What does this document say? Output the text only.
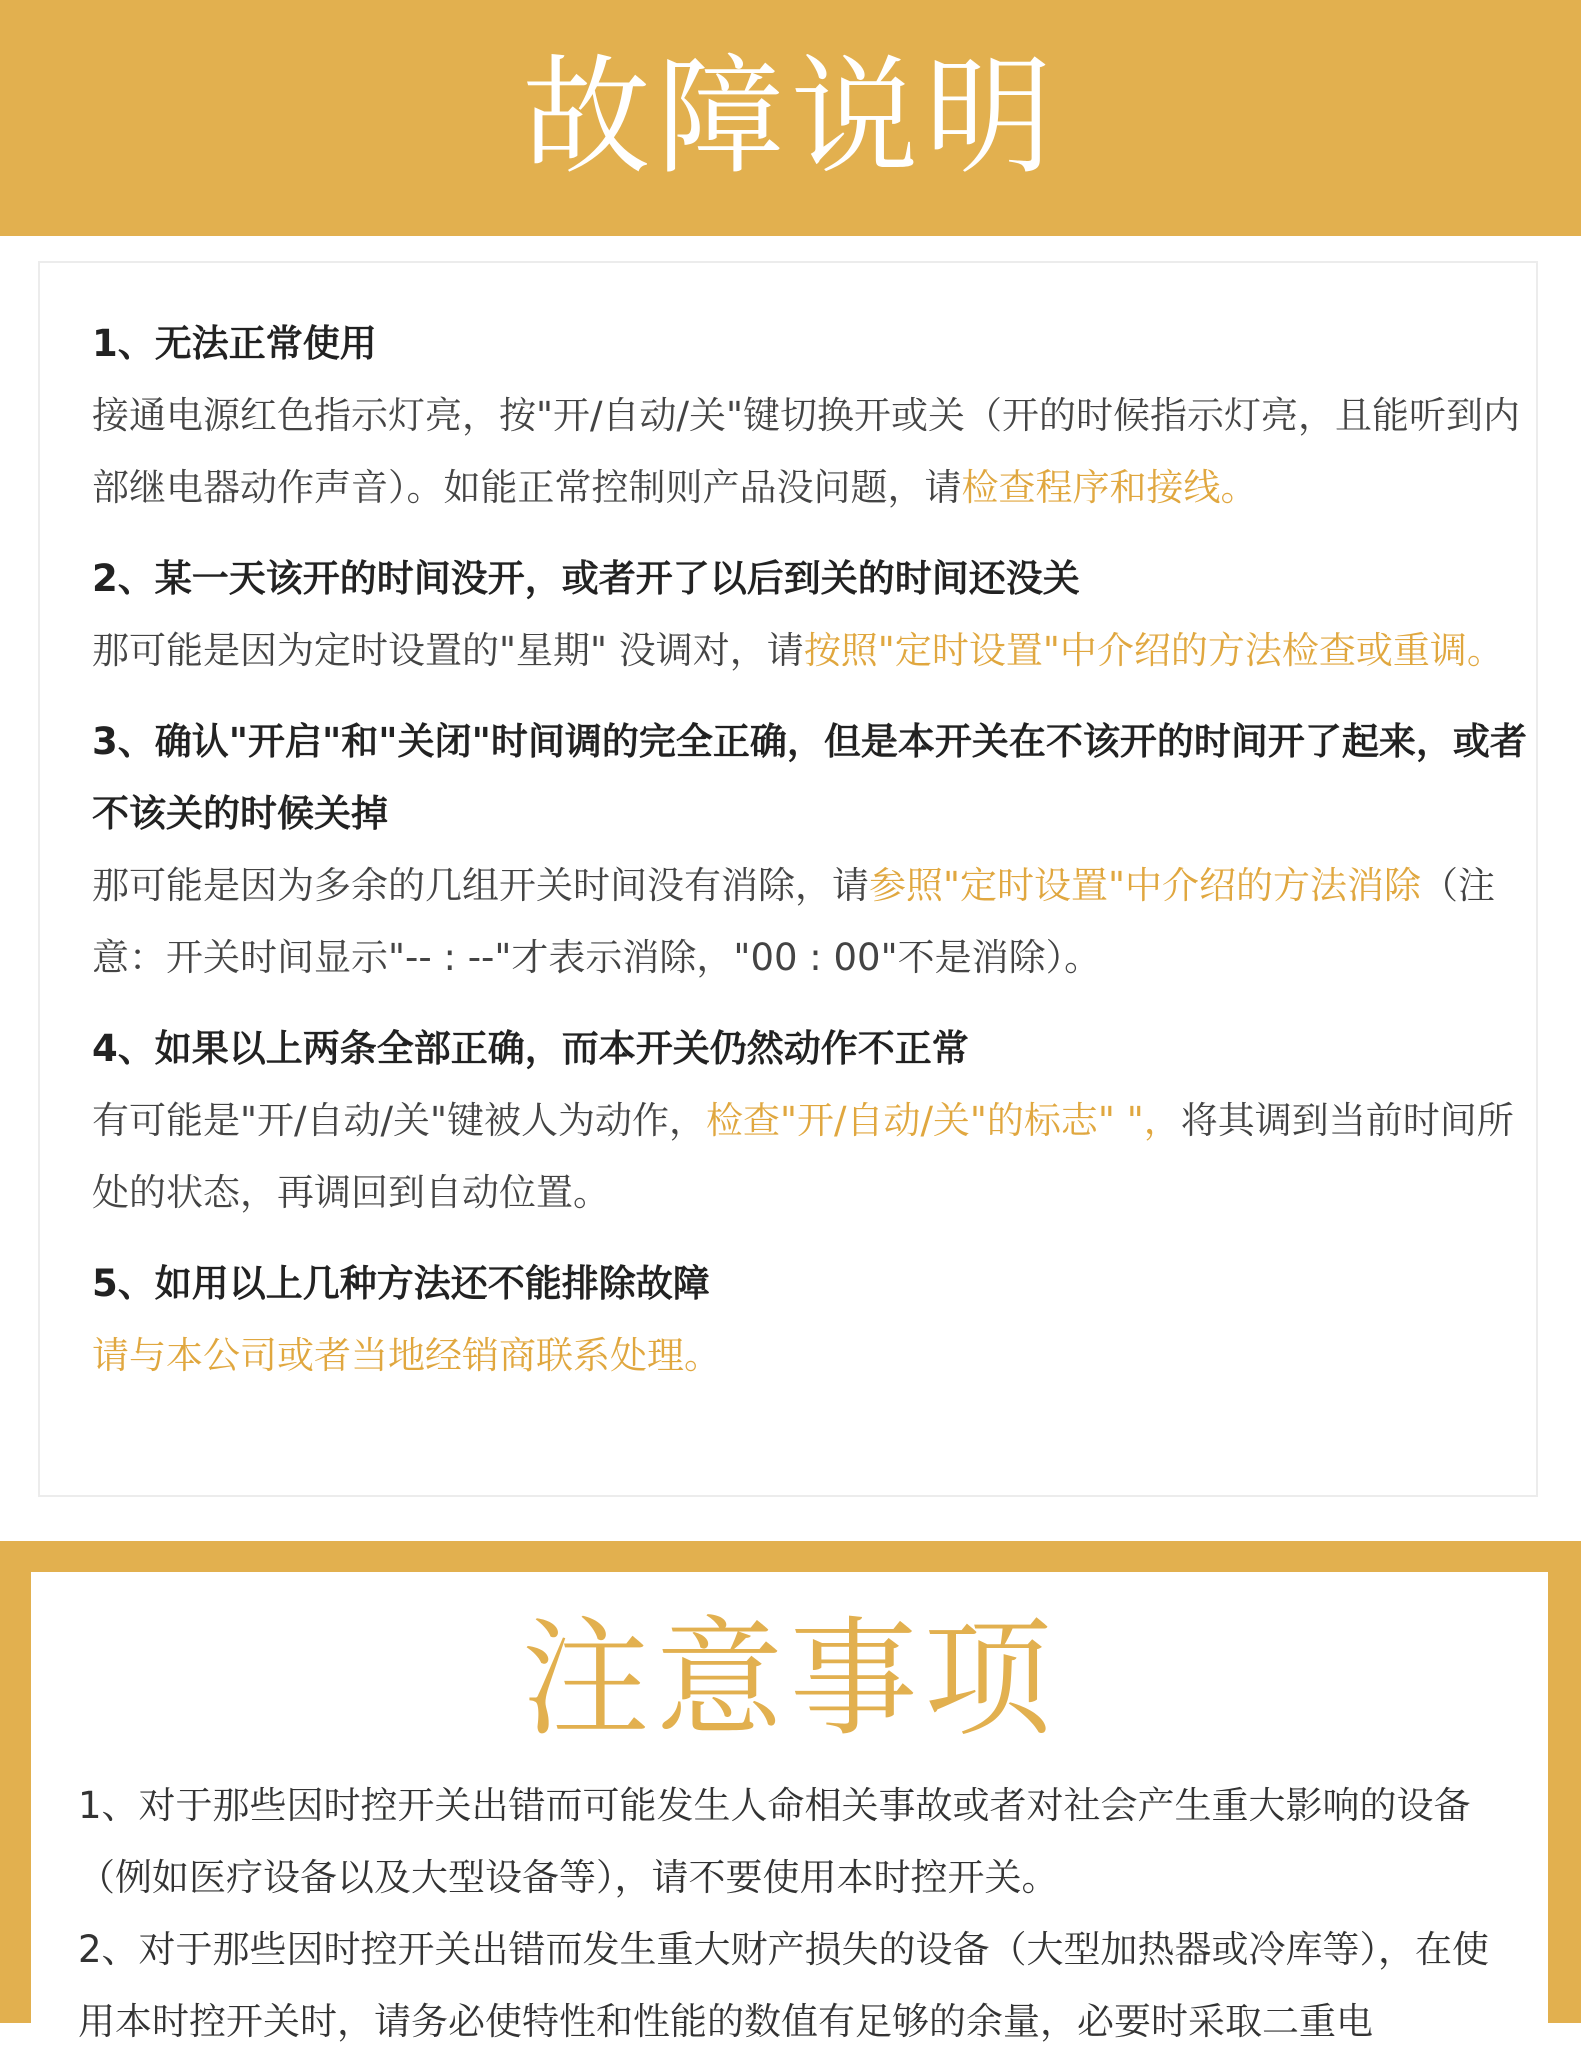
故障说明
1、无法正常使用
接通电源红色指示灯亮，按"开/自动/关"键切换开或关（开的时候指示灯亮，且能听到内部继电器动作声音）。如能正常控制则产品没问题，请检查程序和接线。
2、某一天该开的时间没开，或者开了以后到关的时间还没关
那可能是因为定时设置的"星期" 没调对，请按照"定时设置"中介绍的方法检查或重调。
3、确认"开启"和"关闭"时间调的完全正确，但是本开关在不该开的时间开了起来，或者不该关的时候关掉
那可能是因为多余的几组开关时间没有消除，请参照"定时设置"中介绍的方法消除（注意：开关时间显示"-- : --"才表示消除，"00 : 00"不是消除）。
4、如果以上两条全部正确，而本开关仍然动作不正常
有可能是"开/自动/关"键被人为动作，检查"开/自动/关"的标志" "，将其调到当前时间所处的状态，再调回到自动位置。
5、如用以上几种方法还不能排除故障
请与本公司或者当地经销商联系处理。
注意事项
1、对于那些因时控开关出错而可能发生人命相关事故或者对社会产生重大影响的设备（例如医疗设备以及大型设备等），请不要使用本时控开关。
2、对于那些因时控开关出错而发生重大财产损失的设备（大型加热器或冷库等），在使用本时控开关时，请务必使特性和性能的数值有足够的余量，必要时采取二重电
